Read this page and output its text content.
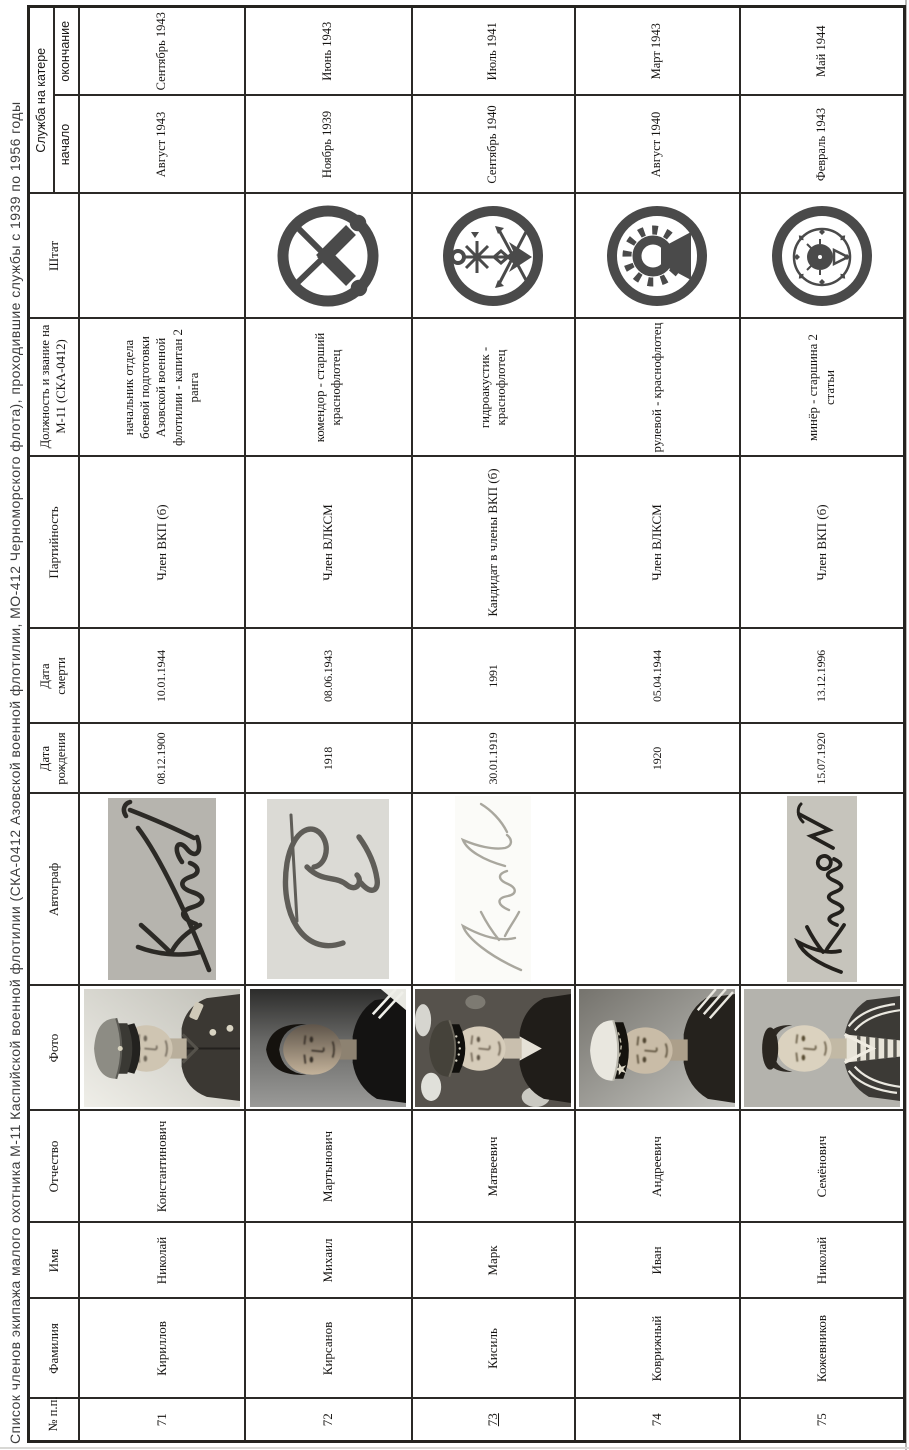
Список членов экипажа малого охотника М-11 Каспийской военной флотилии (СКА-0412 Азовской военной флотилии, МО-412 Черноморского флота), проходившие службы с 1939 по 1956 годы № п.п.	Фамилия	Имя	Отчество	Фото	Автограф	Дата рождения	Дата смерти	Партийность	Должность и звание на М-11 (СКА-0412)	Штат	Служба на катере	
											начало	окончание
71	Кириллов	Николай	Константинович			08.12.1900	10.01.1944	Член ВКП (б)	начальник отдела боевой подготовки Азовской военной флотилии - капитан 2 ранга		Август 1943	Сентябрь 1943
72	Кирсанов	Михаил	Мартынович			1918	08.06.1943	Член ВЛКСМ	комендор - старший краснофлотец		Ноябрь 1939	Июнь 1943
73	Кисиль	Марк	Матвеевич			30.01.1919	1991	Кандидат в члены ВКП (б)	гидроакустик - краснофлотец		Сентябрь 1940	Июль 1941
74	Коврижный	Иван	Андреевич			1920	05.04.1944	Член ВЛКСМ	рулевой - краснофлотец		Август 1940	Март 1943
75	Кожевников	Николай	Семёнович			15.07.1920	13.12.1996	Член ВКП (б)	минёр - старшина 2 статьи		Февраль 1943	Май 1944
